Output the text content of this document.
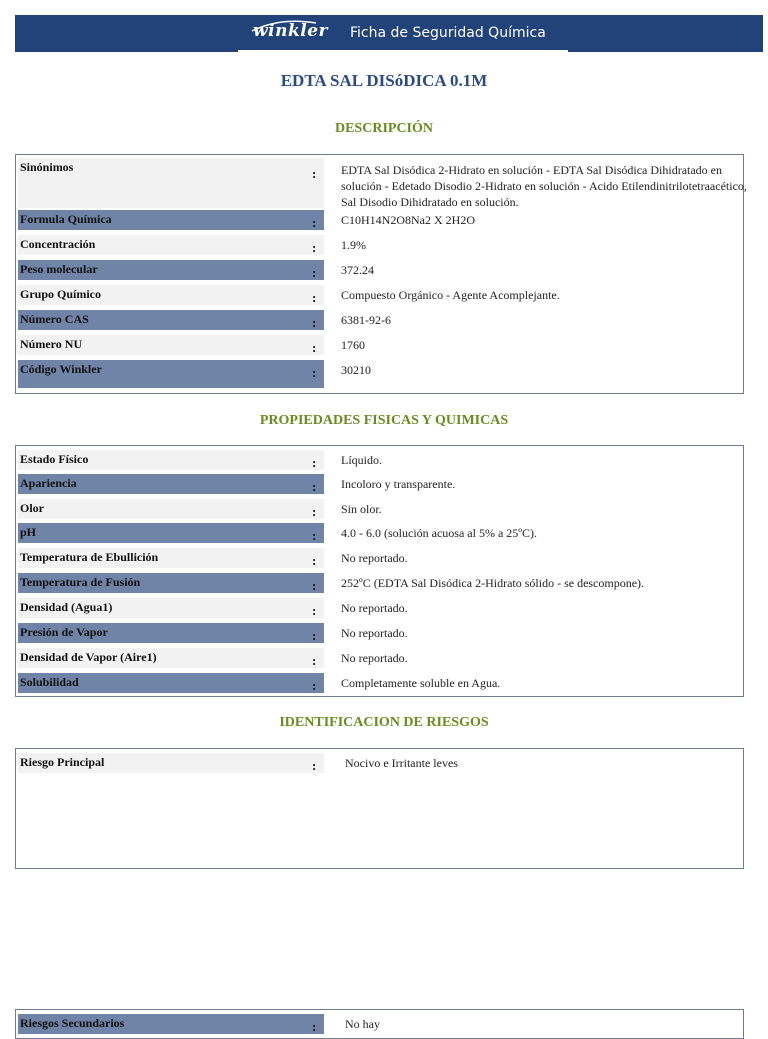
winkler Ficha de Seguridad Química
EDTA SAL DISóDICA 0.1M
DESCRIPCIÓN
Sinónimos	: EDTA Sal Disódica 2-Hidrato en solución - EDTA Sal Disódica Dihidratado en solución - Edetado Disodio 2-Hidrato en solución - Acido Etilendinitrilotetraacético, Sal Disodio Dihidratado en solución.
Formula Química	: C10H14N2O8Na2 X 2H2O
Concentración	: 1.9%
Peso molecular	: 372.24
Grupo Químico	: Compuesto Orgánico - Agente Acomplejante.
Número CAS	: 6381-92-6
Número NU	: 1760
Código Winkler	: 30210
PROPIEDADES FISICAS Y QUIMICAS
Estado Físico	: Líquido.
Apariencia	: Incoloro y transparente.
Olor	: Sin olor.
pH	: 4.0 - 6.0 (solución acuosa al 5% a 25ºC).
Temperatura de Ebullición	: No reportado.
Temperatura de Fusión	: 252ºC (EDTA Sal Disódica 2-Hidrato sólido - se descompone).
Densidad (Agua1)	: No reportado.
Presión de Vapor	: No reportado.
Densidad de Vapor (Aire1)	: No reportado.
Solubilidad	: Completamente soluble en Agua.
IDENTIFICACION DE RIESGOS
Riesgo Principal	: Nocivo e Irritante leves
Riesgos Secundarios	: No hay
